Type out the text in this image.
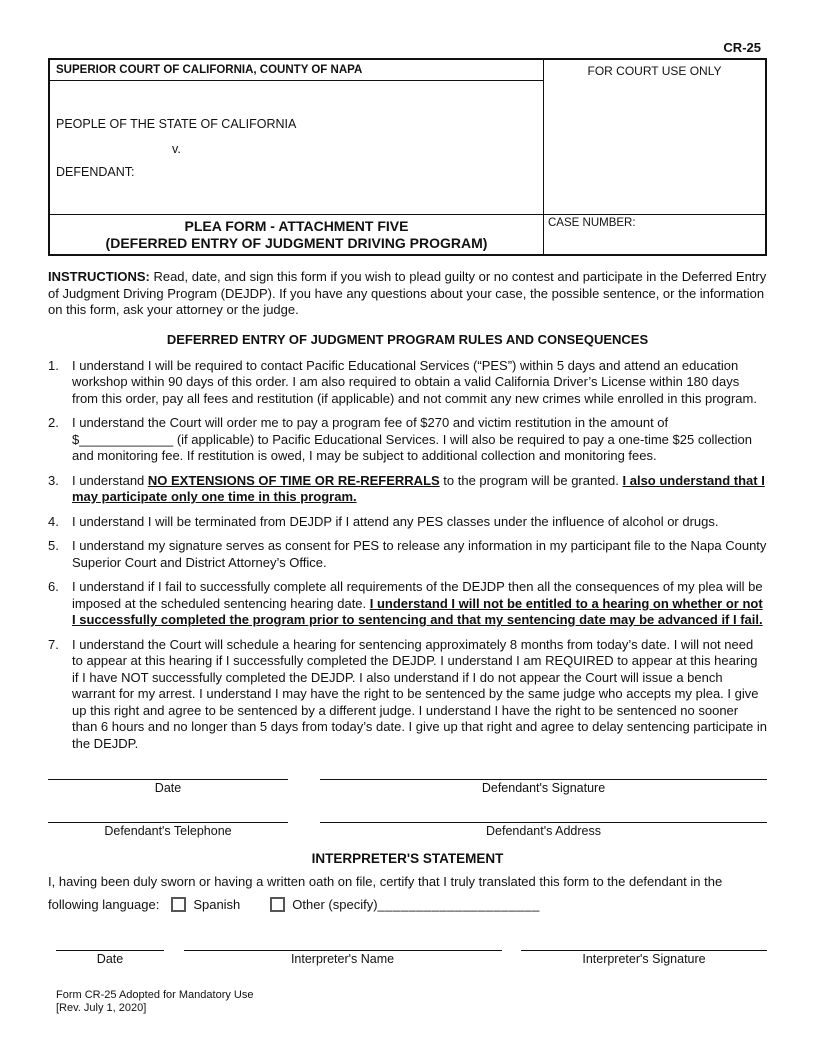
CR-25
SUPERIOR COURT OF CALIFORNIA, COUNTY OF NAPA
PEOPLE OF THE STATE OF CALIFORNIA
v.
DEFENDANT:
PLEA FORM - ATTACHMENT FIVE
(DEFERRED ENTRY OF JUDGMENT DRIVING PROGRAM)
FOR COURT USE ONLY
CASE NUMBER:
INSTRUCTIONS: Read, date, and sign this form if you wish to plead guilty or no contest and participate in the Deferred Entry of Judgment Driving Program (DEJDP). If you have any questions about your case, the possible sentence, or the information on this form, ask your attorney or the judge.
DEFERRED ENTRY OF JUDGMENT PROGRAM RULES AND CONSEQUENCES
1.	I understand I will be required to contact Pacific Educational Services (“PES”) within 5 days and attend an education workshop within 90 days of this order. I am also required to obtain a valid California Driver’s License within 180 days from this order, pay all fees and restitution (if applicable) and not commit any new crimes while enrolled in this program.
2.	I understand the Court will order me to pay a program fee of $270 and victim restitution in the amount of $_____________ (if applicable) to Pacific Educational Services. I will also be required to pay a one-time $25 collection and monitoring fee. If restitution is owed, I may be subject to additional collection and monitoring fees.
3.	I understand NO EXTENSIONS OF TIME OR RE-REFERRALS to the program will be granted. I also understand that I may participate only one time in this program.
4.	I understand I will be terminated from DEJDP if I attend any PES classes under the influence of alcohol or drugs.
5.	I understand my signature serves as consent for PES to release any information in my participant file to the Napa County Superior Court and District Attorney’s Office.
6.	I understand if I fail to successfully complete all requirements of the DEJDP then all the consequences of my plea will be imposed at the scheduled sentencing hearing date. I understand I will not be entitled to a hearing on whether or not I successfully completed the program prior to sentencing and that my sentencing date may be advanced if I fail.
7.	I understand the Court will schedule a hearing for sentencing approximately 8 months from today’s date. I will not need to appear at this hearing if I successfully completed the DEJDP. I understand I am REQUIRED to appear at this hearing if I have NOT successfully completed the DEJDP. I also understand if I do not appear the Court will issue a bench warrant for my arrest. I understand I may have the right to be sentenced by the same judge who accepts my plea. I give up this right and agree to be sentenced by a different judge. I understand I have the right to be sentenced no sooner than 6 hours and no longer than 5 days from today’s date. I give up that right and agree to delay sentencing participate in the DEJDP.
Date	Defendant's Signature
Defendant's Telephone	Defendant's Address
INTERPRETER'S STATEMENT
I, having been duly sworn or having a written oath on file, certify that I truly translated this form to the defendant in the
following language:	Spanish	Other (specify) _____________________
Date	Interpreter's Name	Interpreter's Signature
Form CR-25 Adopted for Mandatory Use
[Rev. July 1, 2020]
